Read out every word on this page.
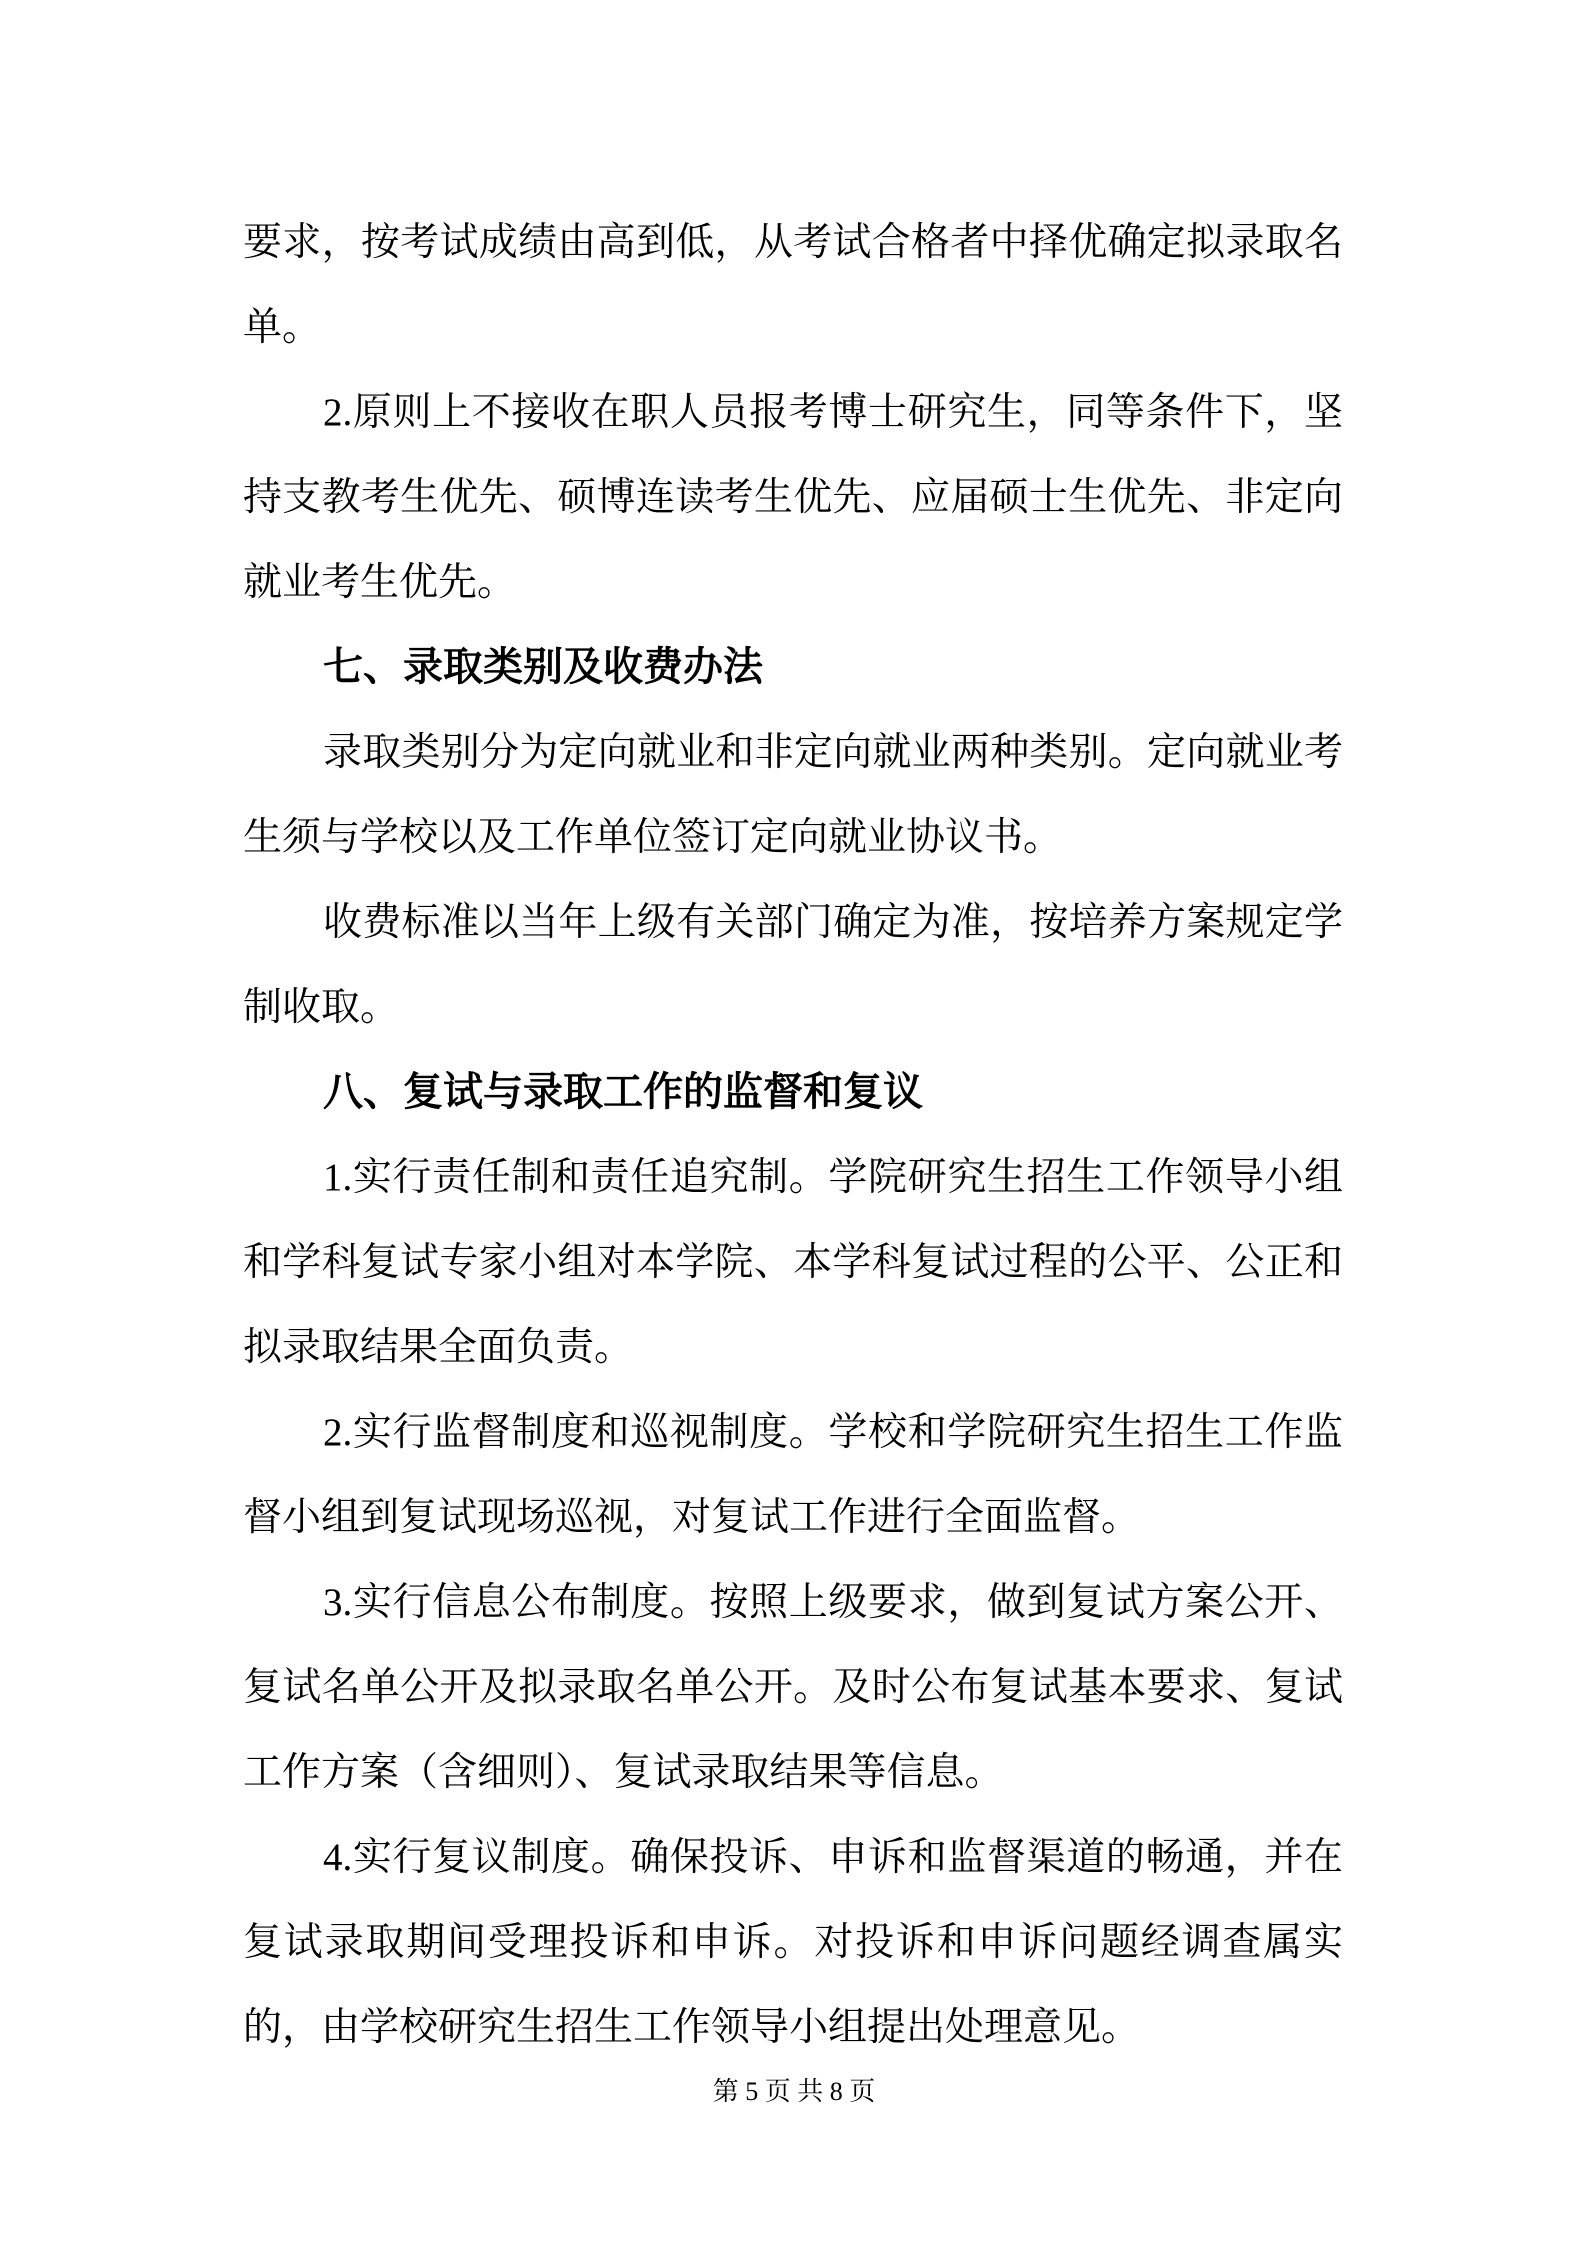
要求，按考试成绩由高到低，从考试合格者中择优确定拟录取名
单。
2.原则上不接收在职人员报考博士研究生，同等条件下，坚
持支教考生优先、硕博连读考生优先、应届硕士生优先、非定向
就业考生优先。
七、录取类别及收费办法
录取类别分为定向就业和非定向就业两种类别。定向就业考
生须与学校以及工作单位签订定向就业协议书。
收费标准以当年上级有关部门确定为准，按培养方案规定学
制收取。
八、复试与录取工作的监督和复议
1.实行责任制和责任追究制。学院研究生招生工作领导小组
和学科复试专家小组对本学院、本学科复试过程的公平、公正和
拟录取结果全面负责。
2.实行监督制度和巡视制度。学校和学院研究生招生工作监
督小组到复试现场巡视，对复试工作进行全面监督。
3.实行信息公布制度。按照上级要求，做到复试方案公开、
复试名单公开及拟录取名单公开。及时公布复试基本要求、复试
工作方案（含细则）、复试录取结果等信息。
4.实行复议制度。确保投诉、申诉和监督渠道的畅通，并在
复试录取期间受理投诉和申诉。对投诉和申诉问题经调查属实
的，由学校研究生招生工作领导小组提出处理意见。
第 5 页 共 8 页
